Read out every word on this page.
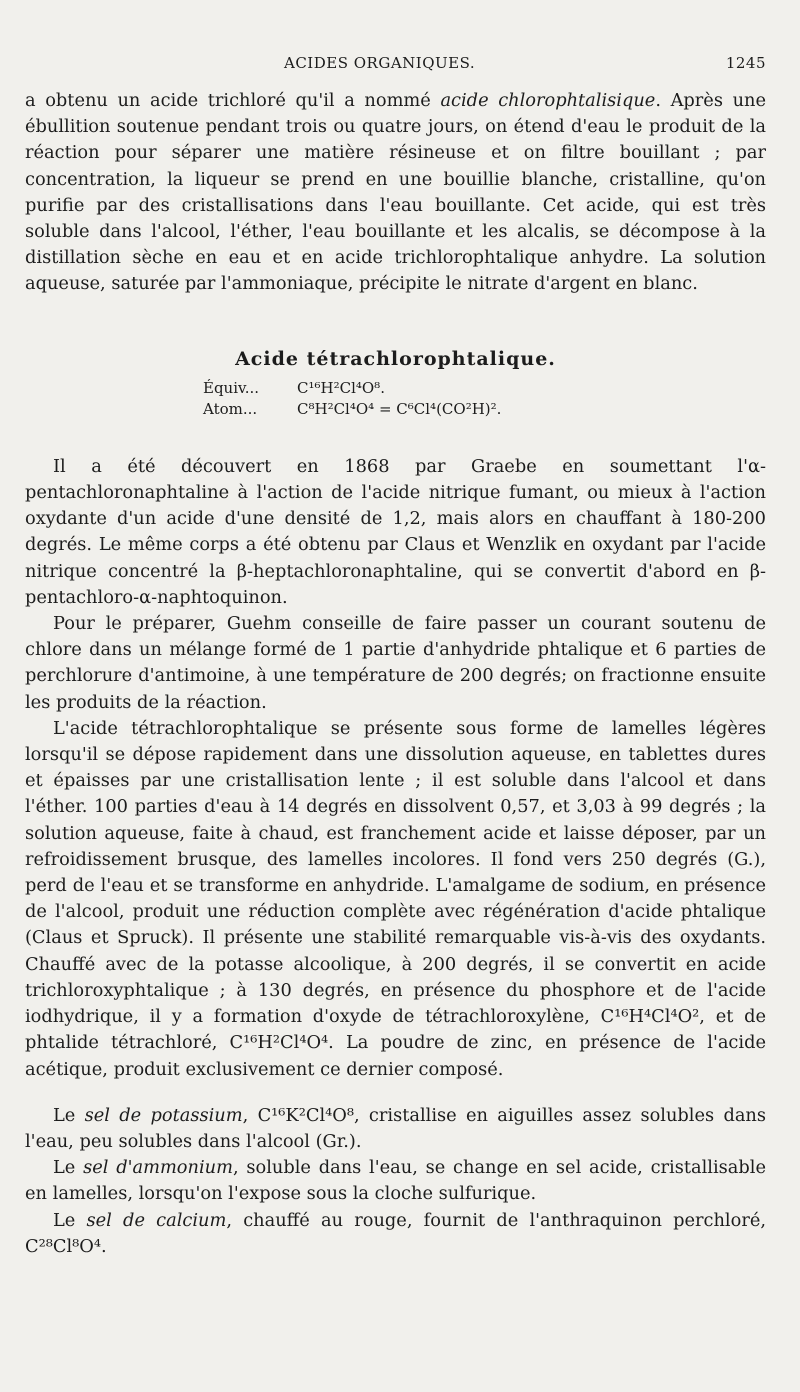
ACIDES ORGANIQUES.	1245

a obtenu un acide trichloré qu'il a nommé acide chlorophtalisique. Après une ébullition soutenue pendant trois ou quatre jours, on étend d'eau le produit de la réaction pour séparer une matière résineuse et on filtre bouillant ; par concentration, la liqueur se prend en une bouillie blanche, cristalline, qu'on purifie par des cristallisations dans l'eau bouillante. Cet acide, qui est très soluble dans l'alcool, l'éther, l'eau bouillante et les alcalis, se décompose à la distillation sèche en eau et en acide trichlorophtalique anhydre. La solution aqueuse, saturée par l'ammoniaque, précipite le nitrate d'argent en blanc.

Acide tétrachlorophtalique.

Équiv...	C¹⁶H²Cl⁴O⁸.
Atom...	C⁸H²Cl⁴O⁴ = C⁶Cl⁴(CO²H)².

Il a été découvert en 1868 par Graebe en soumettant l'α-pentachloronaphtaline à l'action de l'acide nitrique fumant, ou mieux à l'action oxydante d'un acide d'une densité de 1,2, mais alors en chauffant à 180-200 degrés. Le même corps a été obtenu par Claus et Wenzlik en oxydant par l'acide nitrique concentré la β-heptachloronaphtaline, qui se convertit d'abord en β-pentachloro-α-naphtoquinon.

Pour le préparer, Guehm conseille de faire passer un courant soutenu de chlore dans un mélange formé de 1 partie d'anhydride phtalique et 6 parties de perchlorure d'antimoine, à une température de 200 degrés; on fractionne ensuite les produits de la réaction.

L'acide tétrachlorophtalique se présente sous forme de lamelles légères lorsqu'il se dépose rapidement dans une dissolution aqueuse, en tablettes dures et épaisses par une cristallisation lente ; il est soluble dans l'alcool et dans l'éther. 100 parties d'eau à 14 degrés en dissolvent 0,57, et 3,03 à 99 degrés ; la solution aqueuse, faite à chaud, est franchement acide et laisse déposer, par un refroidissement brusque, des lamelles incolores. Il fond vers 250 degrés (G.), perd de l'eau et se transforme en anhydride. L'amalgame de sodium, en présence de l'alcool, produit une réduction complète avec régénération d'acide phtalique (Claus et Spruck). Il présente une stabilité remarquable vis-à-vis des oxydants. Chauffé avec de la potasse alcoolique, à 200 degrés, il se convertit en acide trichloroxyphtalique ; à 130 degrés, en présence du phosphore et de l'acide iodhydrique, il y a formation d'oxyde de tétrachloroxylène, C¹⁶H⁴Cl⁴O², et de phtalide tétrachloré, C¹⁶H²Cl⁴O⁴. La poudre de zinc, en présence de l'acide acétique, produit exclusivement ce dernier composé.

Le sel de potassium, C¹⁶K²Cl⁴O⁸, cristallise en aiguilles assez solubles dans l'eau, peu solubles dans l'alcool (Gr.).

Le sel d'ammonium, soluble dans l'eau, se change en sel acide, cristallisable en lamelles, lorsqu'on l'expose sous la cloche sulfurique.

Le sel de calcium, chauffé au rouge, fournit de l'anthraquinon perchloré, C²⁸Cl⁸O⁴.
